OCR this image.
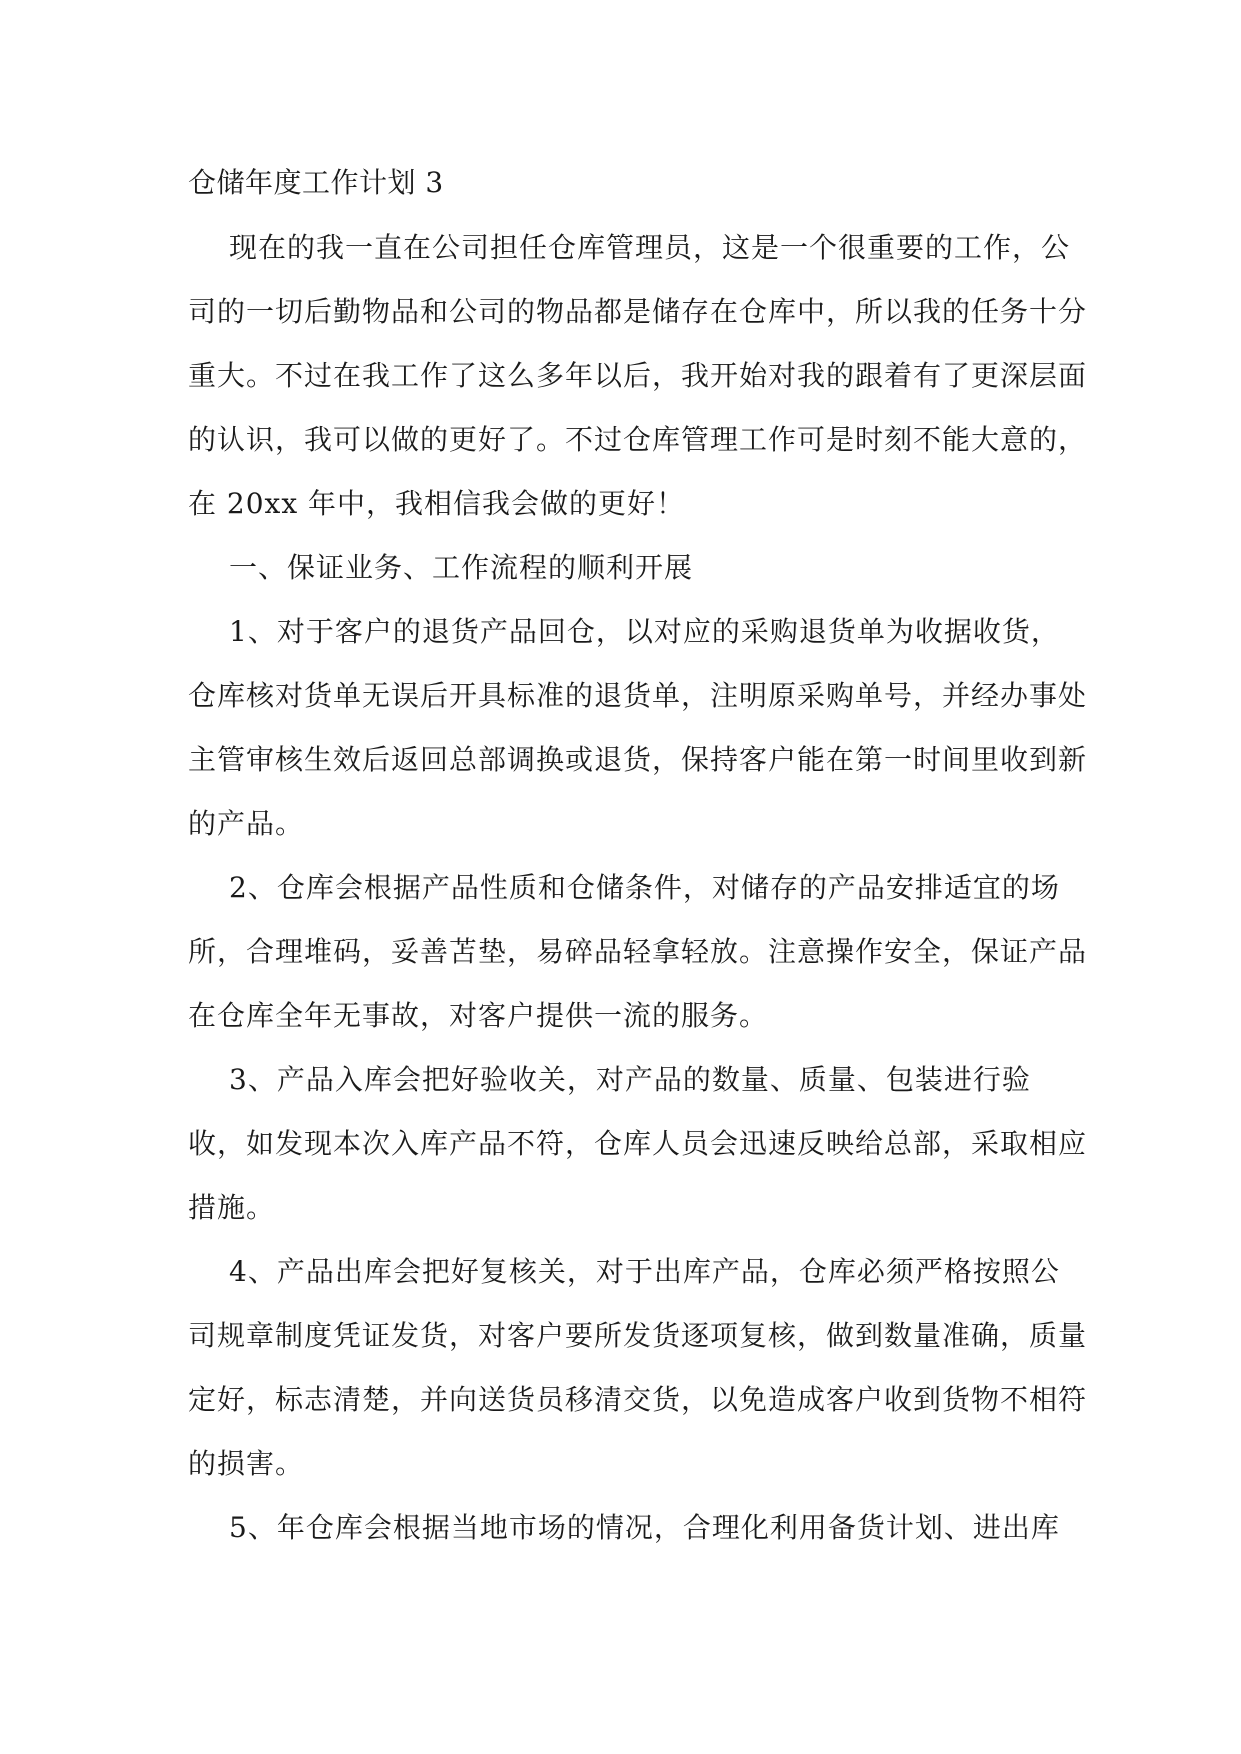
仓储年度工作计划 3

现在的我一直在公司担任仓库管理员，这是一个很重要的工作，公司的一切后勤物品和公司的物品都是储存在仓库中，所以我的任务十分重大。不过在我工作了这么多年以后，我开始对我的跟着有了更深层面的认识，我可以做的更好了。不过仓库管理工作可是时刻不能大意的，在 20xx 年中，我相信我会做的更好！

一、保证业务、工作流程的顺利开展

1、对于客户的退货产品回仓，以对应的采购退货单为收据收货，仓库核对货单无误后开具标准的退货单，注明原采购单号，并经办事处主管审核生效后返回总部调换或退货，保持客户能在第一时间里收到新的产品。

2、仓库会根据产品性质和仓储条件，对储存的产品安排适宜的场所，合理堆码，妥善苫垫，易碎品轻拿轻放。注意操作安全，保证产品在仓库全年无事故，对客户提供一流的服务。

3、产品入库会把好验收关，对产品的数量、质量、包装进行验收，如发现本次入库产品不符，仓库人员会迅速反映给总部，采取相应措施。

4、产品出库会把好复核关，对于出库产品，仓库必须严格按照公司规章制度凭证发货，对客户要所发货逐项复核，做到数量准确，质量定好，标志清楚，并向送货员移清交货，以免造成客户收到货物不相符的损害。

5、年仓库会根据当地市场的情况，合理化利用备货计划、进出库
